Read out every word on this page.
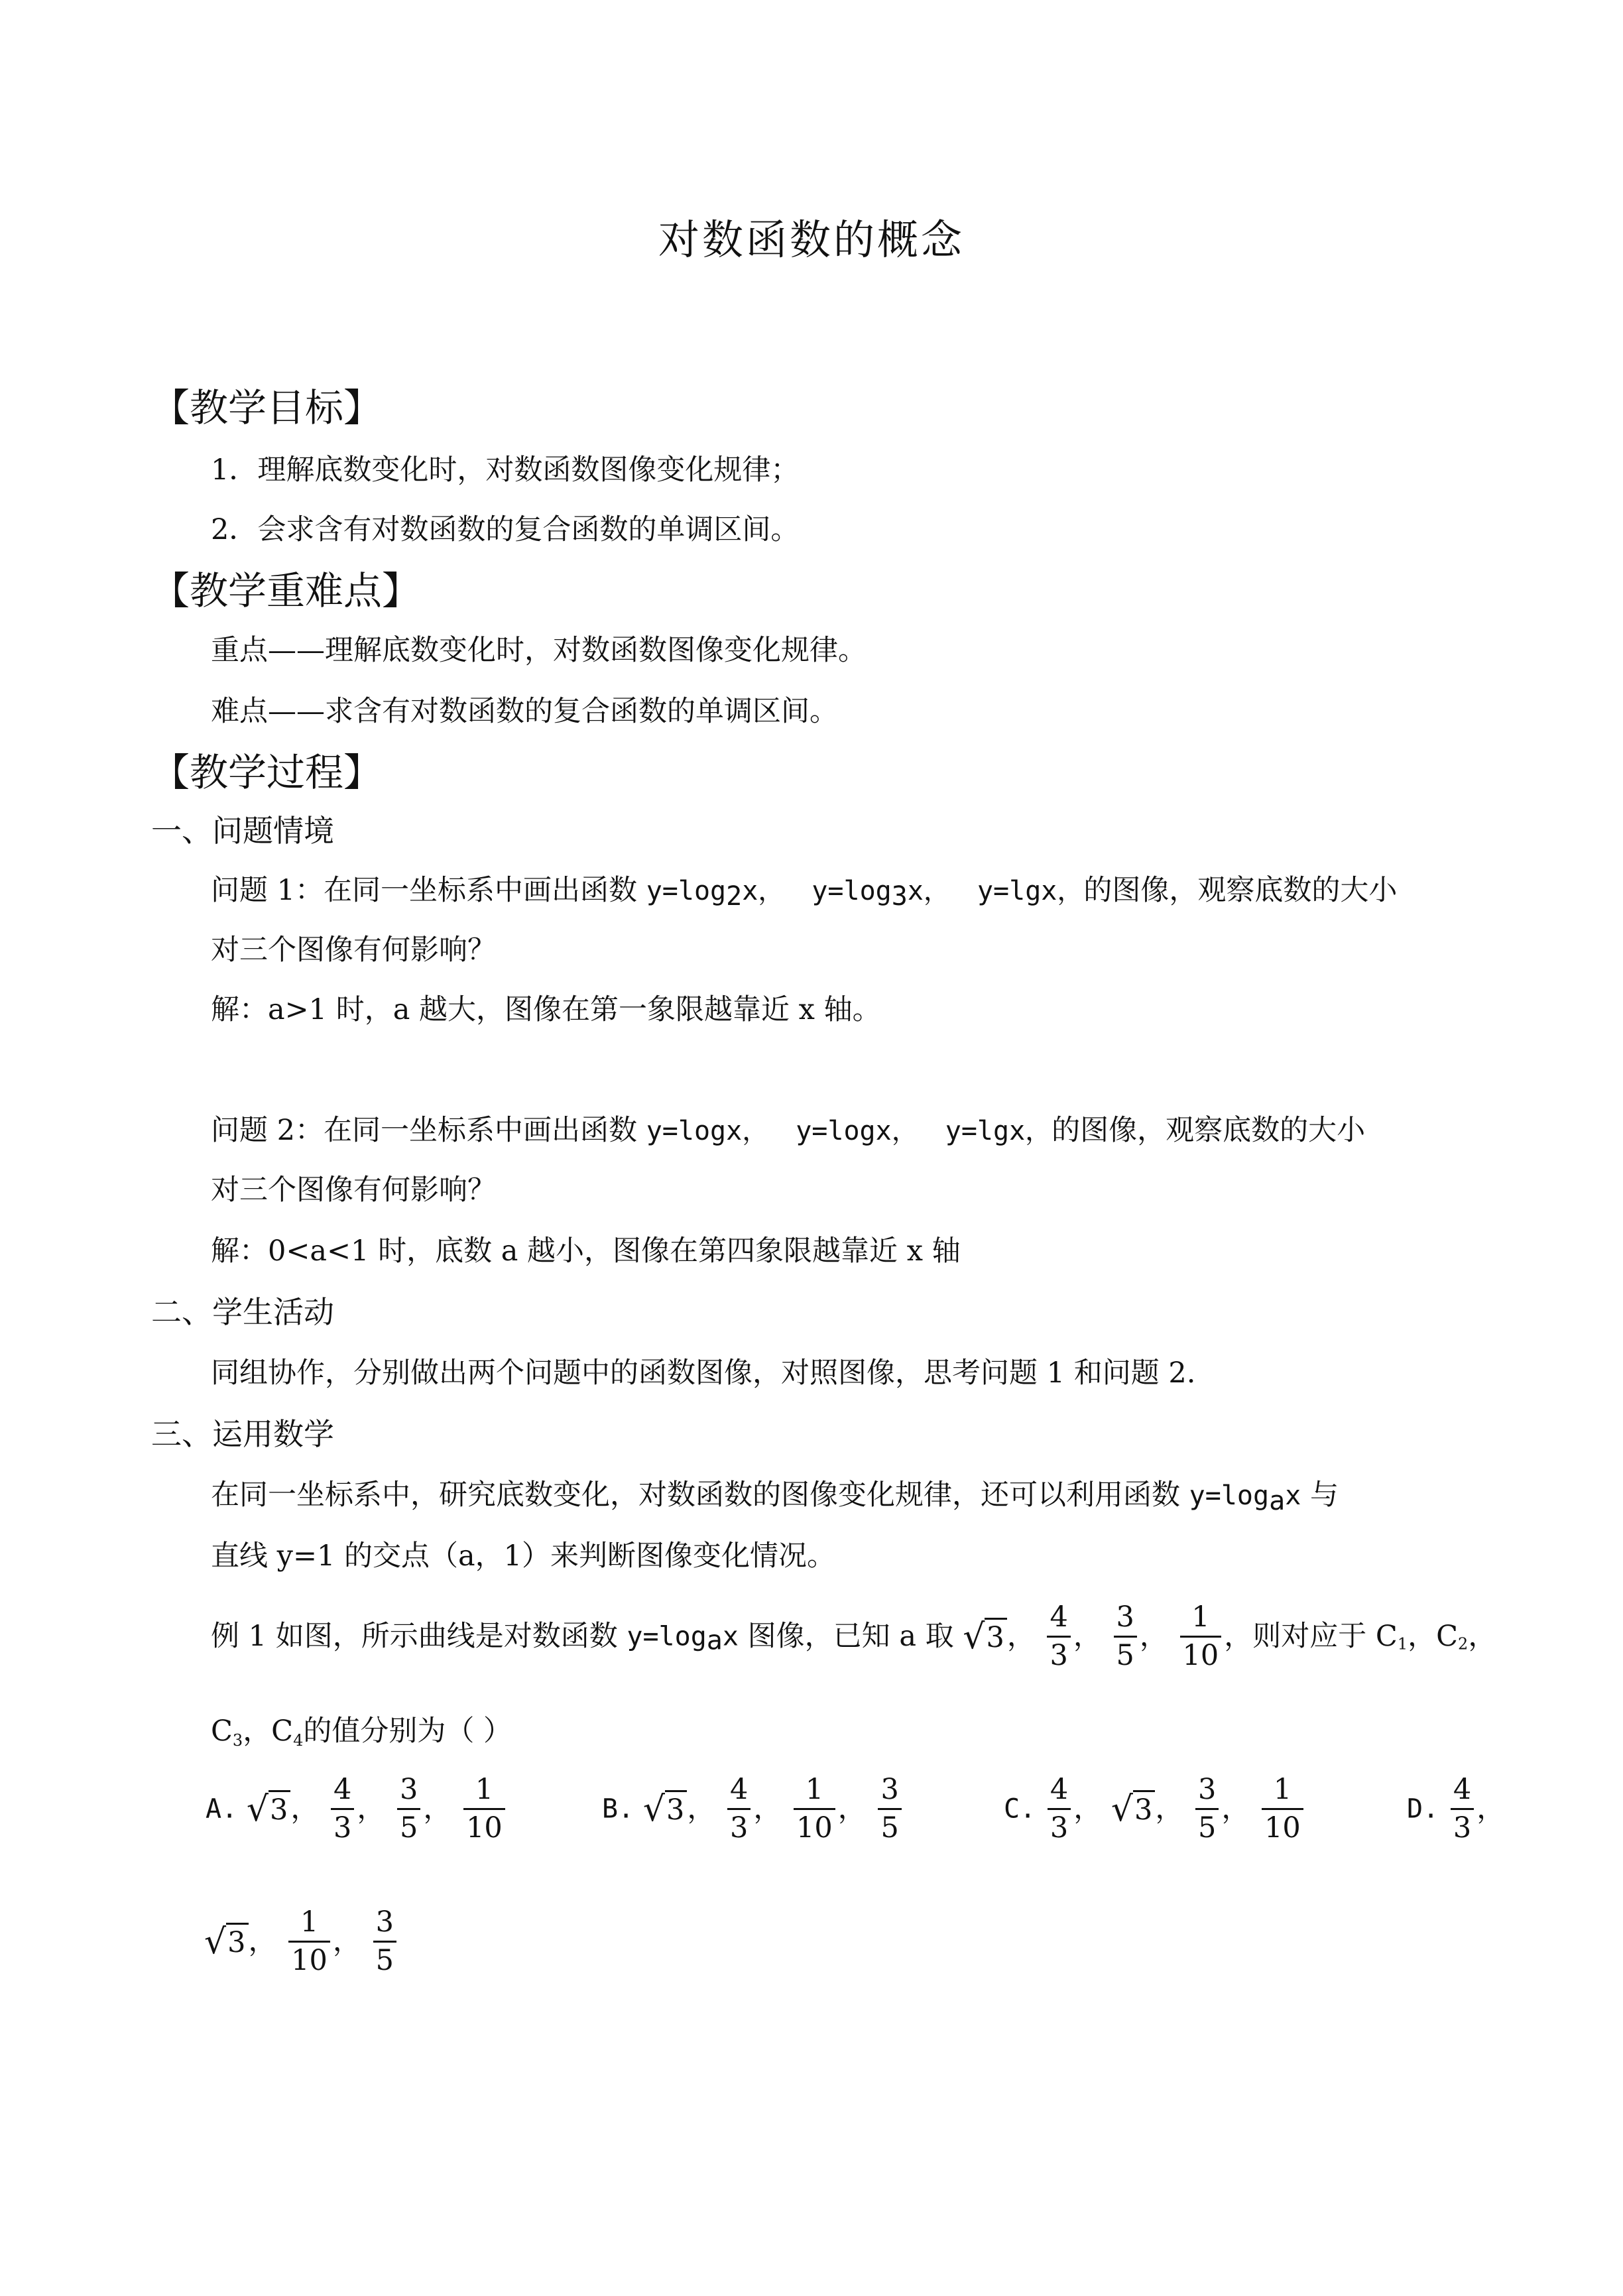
对数函数的概念
【教学目标】
1．理解底数变化时，对数函数图像变化规律；
2．会求含有对数函数的复合函数的单调区间。
【教学重难点】
重点——理解底数变化时，对数函数图像变化规律。
难点——求含有对数函数的复合函数的单调区间。
【教学过程】
一、问题情境
问题 1：在同一坐标系中画出函数 $y=\log_2x$， $y=\log_3x$， y=lgx，的图像，观察底数的大小
对三个图像有何影响？
解：a>1 时，a 越大，图像在第一象限越靠近 x 轴。
问题 2：在同一坐标系中画出函数 y=logx， y=logx， y=lgx，的图像，观察底数的大小
对三个图像有何影响？
解：0<a<1 时，底数 a 越小，图像在第四象限越靠近 x 轴
二、学生活动
同组协作，分别做出两个问题中的函数图像，对照图像，思考问题 1 和问题 2.
三、运用数学
在同一坐标系中，研究底数变化，对数函数的图像变化规律，还可以利用函数 $y=\log_ax$ 与
直线 y=1 的交点（a，1）来判断图像变化情况。
例 1 如图，所示曲线是对数函数 $y=\log_ax$ 图像，已知 a 取 √3， $\frac{4}{3}$ ， $\frac{3}{5}$ ， $\frac{1}{10}$ ，则对应于 $C_1$，$C_2$，
$C_3$，$C_4$的值分别为（ ）
A. √3， $\frac{4}{3}$ ， $\frac{3}{5}$ ， $\frac{1}{10}$	B. √3， $\frac{4}{3}$ ， $\frac{1}{10}$ ， $\frac{3}{5}$	C. $\frac{4}{3}$ ， √3， $\frac{3}{5}$ ， $\frac{1}{10}$	D. $\frac{4}{3}$ ，
√3， $\frac{1}{10}$ ， $\frac{3}{5}$
